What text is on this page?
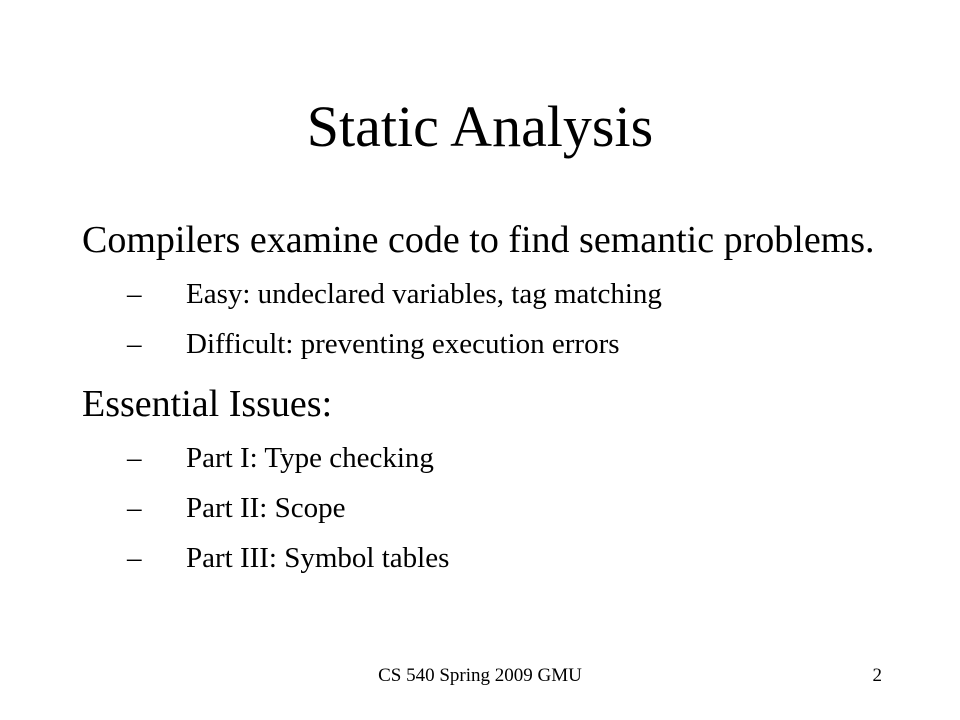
Static Analysis
Compilers examine code to find semantic problems.
– Easy: undeclared variables, tag matching
– Difficult: preventing execution errors
Essential Issues:
– Part I: Type checking
– Part II: Scope
– Part III: Symbol tables
CS 540 Spring 2009 GMU	2
